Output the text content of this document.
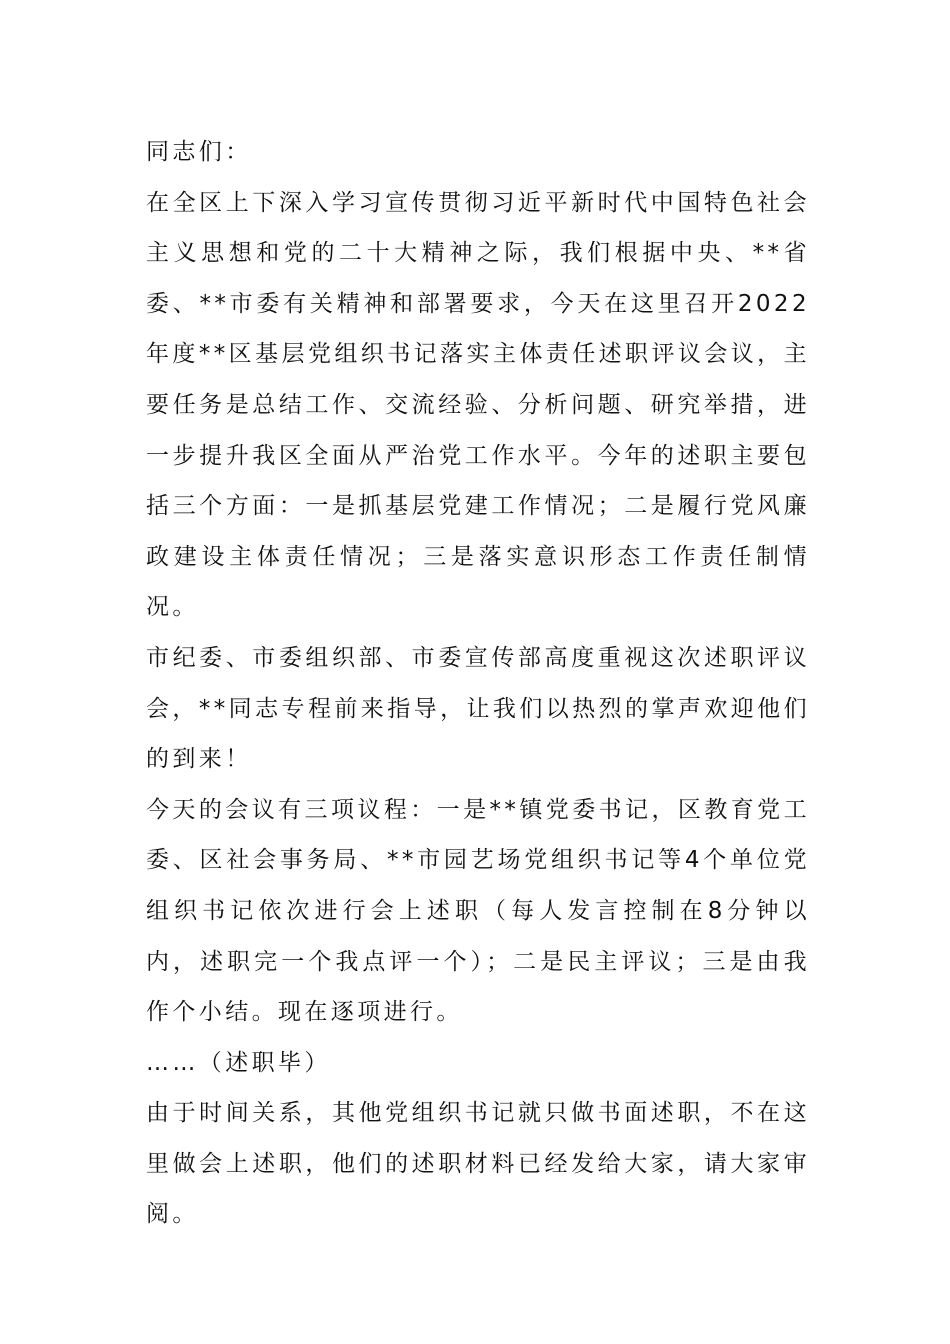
同志们：

在全区上下深入学习宣传贯彻习近平新时代中国特色社会主义思想和党的二十大精神之际，我们根据中央、**省委、**市委有关精神和部署要求，今天在这里召开2022年度**区基层党组织书记落实主体责任述职评议会议，主要任务是总结工作、交流经验、分析问题、研究举措，进一步提升我区全面从严治党工作水平。今年的述职主要包括三个方面：一是抓基层党建工作情况；二是履行党风廉政建设主体责任情况；三是落实意识形态工作责任制情况。

市纪委、市委组织部、市委宣传部高度重视这次述职评议会，**同志专程前来指导，让我们以热烈的掌声欢迎他们的到来！

今天的会议有三项议程：一是**镇党委书记，区教育党工委、区社会事务局、**市园艺场党组织书记等4个单位党组织书记依次进行会上述职（每人发言控制在8分钟以内，述职完一个我点评一个）；二是民主评议；三是由我作个小结。现在逐项进行。

……（述职毕）

由于时间关系，其他党组织书记就只做书面述职，不在这里做会上述职，他们的述职材料已经发给大家，请大家审阅。
